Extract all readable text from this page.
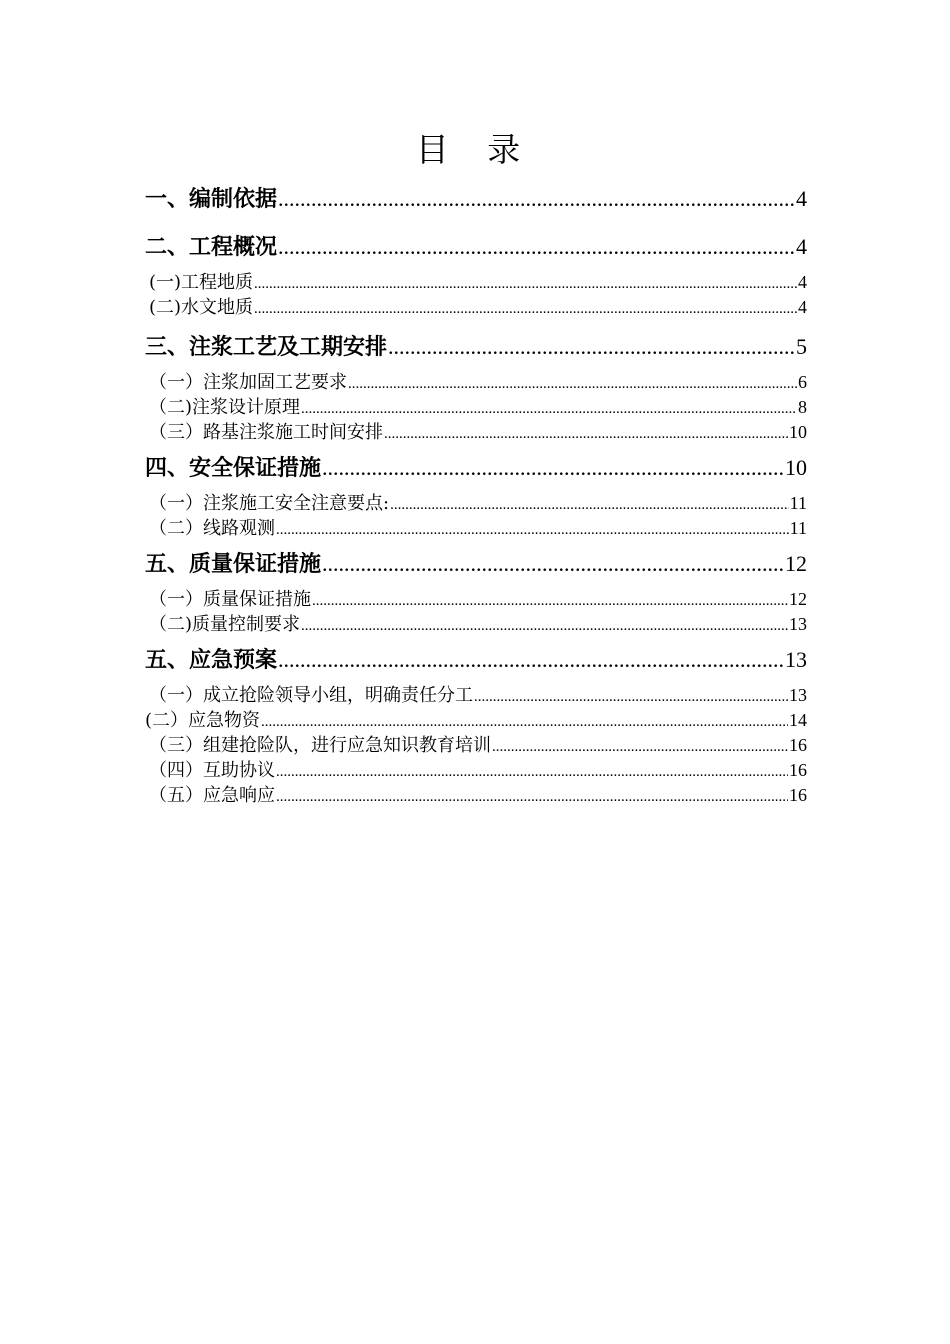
目 录
一、编制依据 .....	4
二、工程概况 .....	4
(一)工程地质 .....	4
(二)水文地质 .....	4
三、注浆工艺及工期安排 .....	5
（一）注浆加固工艺要求 .....	6
（二)注浆设计原理 .....	8
（三）路基注浆施工时间安排 .....	10
四、安全保证措施 .....	10
（一）注浆施工安全注意要点: .....	11
（二）线路观测 .....	11
五、质量保证措施 .....	12
（一）质量保证措施 .....	12
（二)质量控制要求 .....	13
五、应急预案 .....	13
（一）成立抢险领导小组，明确责任分工 .....	13
(二）应急物资 .....	14
（三）组建抢险队，进行应急知识教育培训 .....	16
（四）互助协议 .....	16
（五）应急响应 .....	16
